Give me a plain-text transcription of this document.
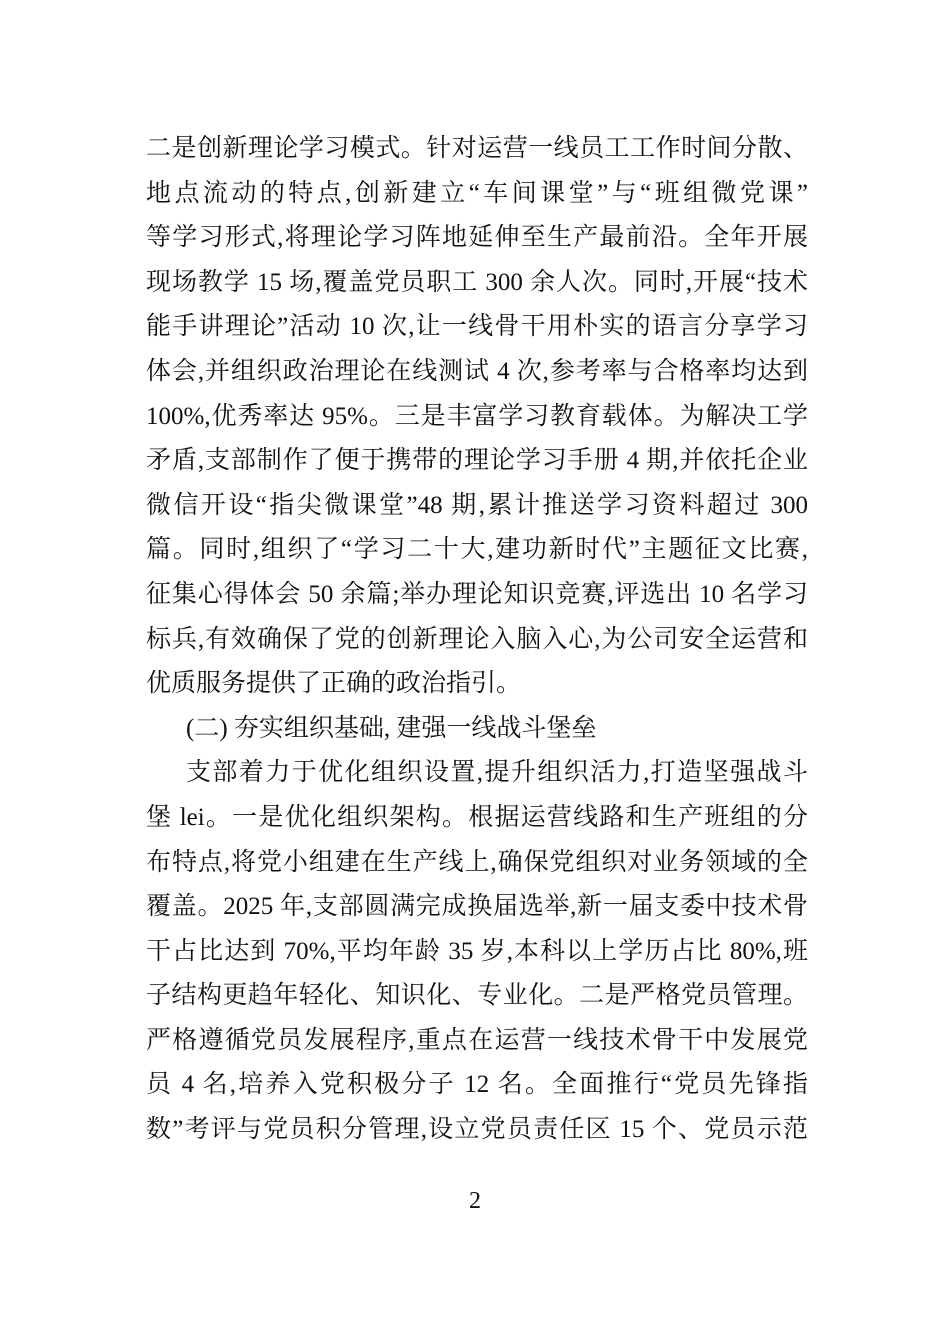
二是创新理论学习模式。针对运营一线员工工作时间分散、
地点流动的特点,创新建立“车间课堂”与“班组微党课”
等学习形式,将理论学习阵地延伸至生产最前沿。全年开展
现场教学 15 场,覆盖党员职工 300 余人次。同时,开展“技术
能手讲理论”活动 10 次,让一线骨干用朴实的语言分享学习
体会,并组织政治理论在线测试 4 次,参考率与合格率均达到
100%,优秀率达 95%。三是丰富学习教育载体。为解决工学
矛盾,支部制作了便于携带的理论学习手册 4 期,并依托企业
微信开设“指尖微课堂”48 期,累计推送学习资料超过 300
篇。同时,组织了“学习二十大,建功新时代”主题征文比赛,
征集心得体会 50 余篇;举办理论知识竞赛,评选出 10 名学习
标兵,有效确保了党的创新理论入脑入心,为公司安全运营和
优质服务提供了正确的政治指引。
(二) 夯实组织基础, 建强一线战斗堡垒
支部着力于优化组织设置,提升组织活力,打造坚强战斗
堡 lei。一是优化组织架构。根据运营线路和生产班组的分
布特点,将党小组建在生产线上,确保党组织对业务领域的全
覆盖。2025 年,支部圆满完成换届选举,新一届支委中技术骨
干占比达到 70%,平均年龄 35 岁,本科以上学历占比 80%,班
子结构更趋年轻化、知识化、专业化。二是严格党员管理。
严格遵循党员发展程序,重点在运营一线技术骨干中发展党
员 4 名,培养入党积极分子 12 名。全面推行“党员先锋指
数”考评与党员积分管理,设立党员责任区 15 个、党员示范
2
